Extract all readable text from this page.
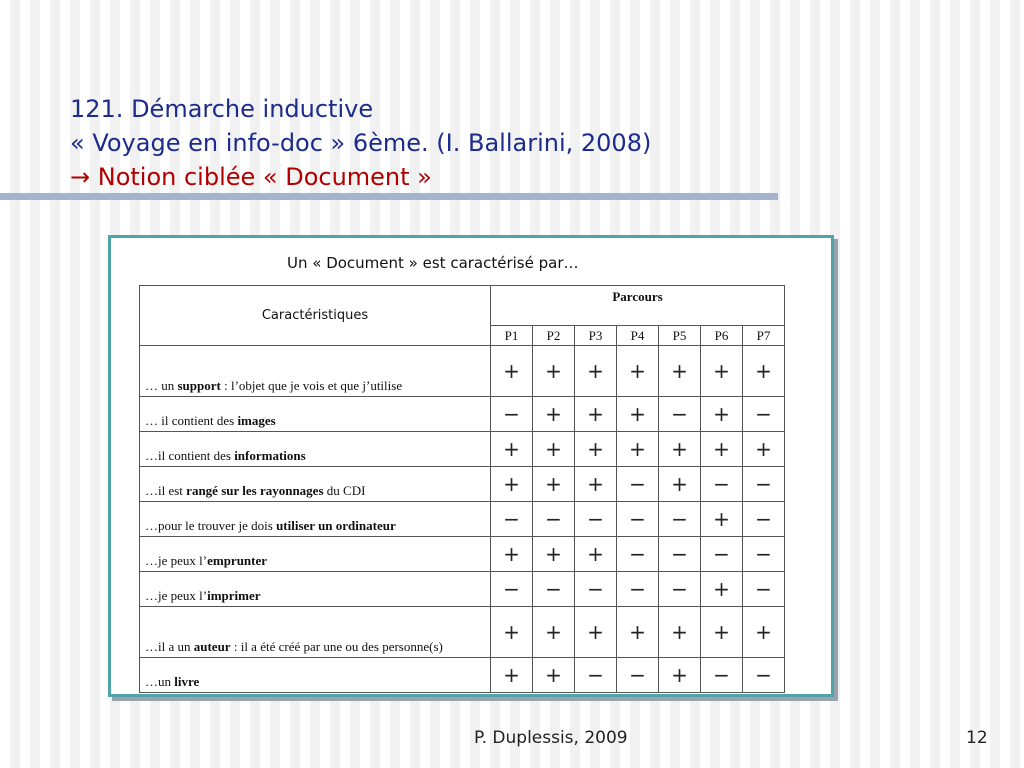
121. Démarche inductive
« Voyage en info-doc » 6ème. (I. Ballarini, 2008)
→ Notion ciblée « Document »
Un « Document » est caractérisé par…
Caractéristiques	Parcours						
	P1	P2	P3	P4	P5	P6	P7
… un support : l’objet que je vois et que j’utilise	+	+	+	+	+	+	+
… il contient des images	−	+	+	+	−	+	−
…il contient des informations	+	+	+	+	+	+	+
…il est rangé sur les rayonnages du CDI	+	+	+	−	+	−	−
…pour le trouver je dois utiliser un ordinateur	−	−	−	−	−	+	−
…je peux l’emprunter	+	+	+	−	−	−	−
…je peux l’imprimer	−	−	−	−	−	+	−
…il a un auteur : il a été créé par une ou des personne(s)	+	+	+	+	+	+	+
…un livre	+	+	−	−	+	−	−
P. Duplessis, 2009	12
